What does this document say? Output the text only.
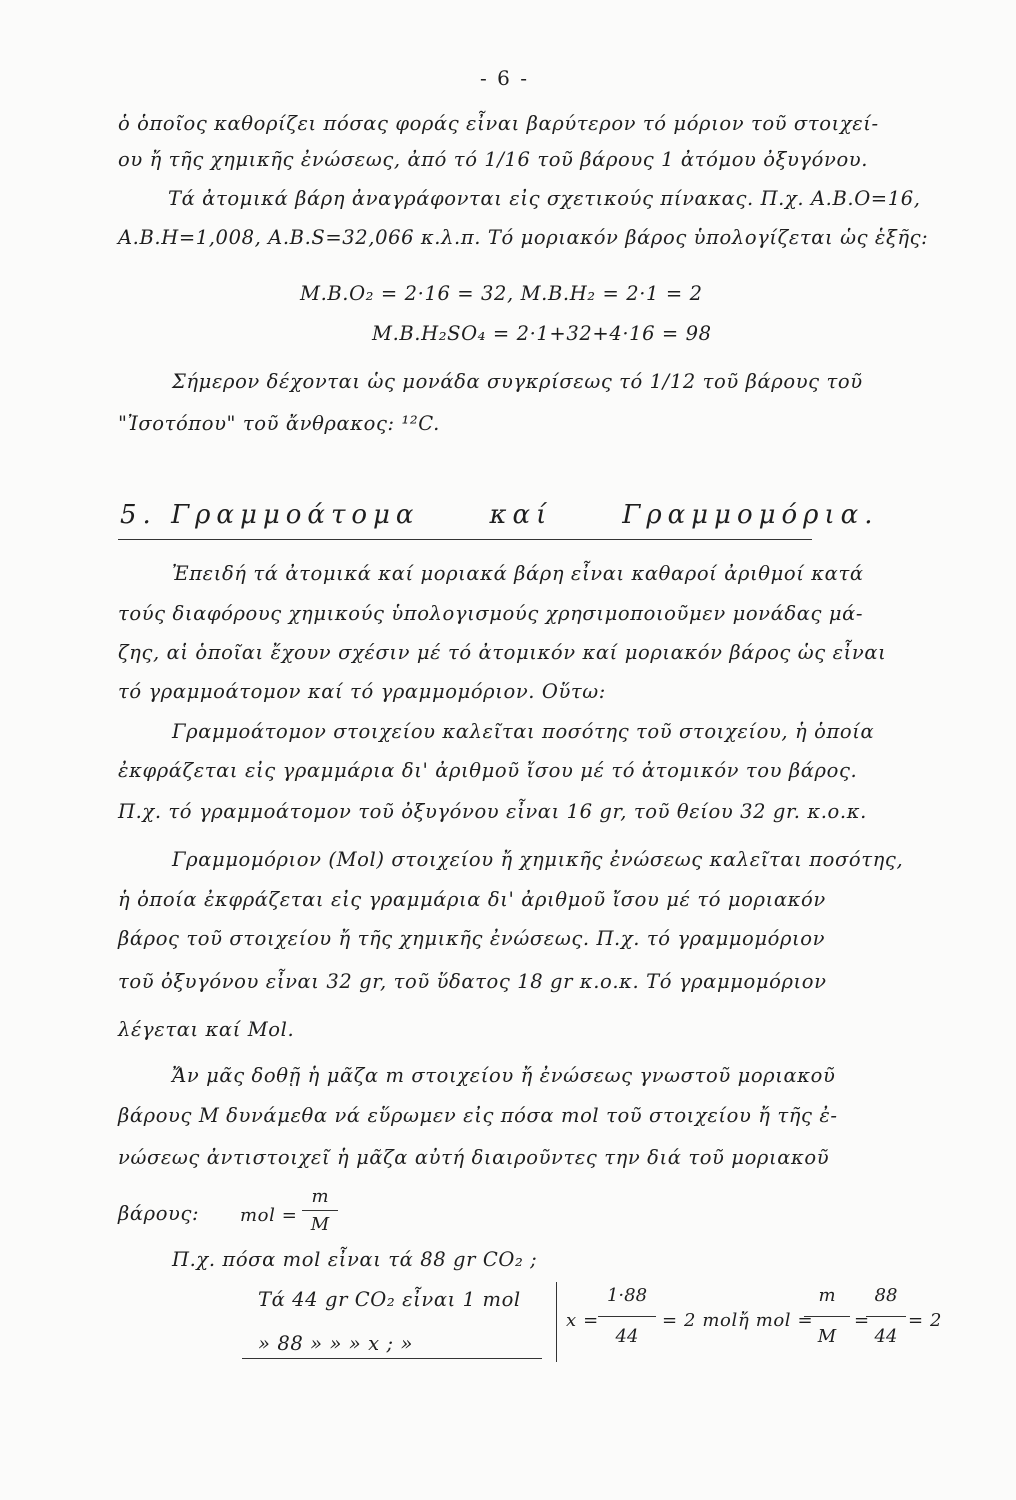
- 6 -
ὁ ὁποῖος καθορίζει πόσας φοράς εἶναι βαρύτερον τό μόριον τοῦ στοιχεί-
ου ἤ τῆς χημικῆς ἐνώσεως, ἀπό τό 1/16 τοῦ βάρους 1 ἀτόμου ὀξυγόνου.
Τά ἀτομικά βάρη ἀναγράφονται εἰς σχετικούς πίνακας. Π.χ. Α.Β.Ο=16,
Α.Β.Η=1,008, Α.Β.S=32,066 κ.λ.π. Τό μοριακόν βάρος ὑπολογίζεται ὡς ἑξῆς:
Μ.Β.Ο₂ = 2·16 = 32, Μ.Β.Η₂ = 2·1 = 2
Μ.Β.Η₂SO₄ = 2·1+32+4·16 = 98
Σήμερον δέχονται ὡς μονάδα συγκρίσεως τό 1/12 τοῦ βάρους τοῦ
"Ἰσοτόπου" τοῦ ἄνθρακος: ¹²C.
5. Γραμμοάτομα	καί	Γραμμομόρια.
Ἐπειδή τά ἀτομικά καί μοριακά βάρη εἶναι καθαροί ἀριθμοί κατά
τούς διαφόρους χημικούς ὑπολογισμούς χρησιμοποιοῦμεν μονάδας μά-
ζης, αἱ ὁποῖαι ἔχουν σχέσιν μέ τό ἀτομικόν καί μοριακόν βάρος ὡς εἶναι
τό γραμμοάτομον καί τό γραμμομόριον. Οὕτω:
Γραμμοάτομον στοιχείου καλεῖται ποσότης τοῦ στοιχείου, ἡ ὁποία
ἐκφράζεται εἰς γραμμάρια δι' ἀριθμοῦ ἴσου μέ τό ἀτομικόν του βάρος.
Π.χ. τό γραμμοάτομον τοῦ ὀξυγόνου εἶναι 16 gr, τοῦ θείου 32 gr. κ.ο.κ.
Γραμμομόριον (Mol) στοιχείου ἤ χημικῆς ἐνώσεως καλεῖται ποσότης,
ἡ ὁποία ἐκφράζεται εἰς γραμμάρια δι' ἀριθμοῦ ἴσου μέ τό μοριακόν
βάρος τοῦ στοιχείου ἤ τῆς χημικῆς ἐνώσεως. Π.χ. τό γραμμομόριον
τοῦ ὀξυγόνου εἶναι 32 gr, τοῦ ὕδατος 18 gr κ.ο.κ. Τό γραμμομόριον
λέγεται καί Mol.
Ἄν μᾶς δοθῇ ἡ μᾶζα m στοιχείου ἤ ἐνώσεως γνωστοῦ μοριακοῦ
βάρους M δυνάμεθα νά εὕρωμεν εἰς πόσα mol τοῦ στοιχείου ἤ τῆς ἐ-
νώσεως ἀντιστοιχεῖ ἡ μᾶζα αὐτή διαιροῦντες την διά τοῦ μοριακοῦ
βάρους: mol =
m
M
Π.χ. πόσα mol εἶναι τά 88 gr CO₂ ;
Τά 44 gr CO₂ εἶναι 1 mol
» 88 » » » x ; »
x =
1·88
44
= 2 mol ἤ mol =
m
M
=
88
44
= 2
